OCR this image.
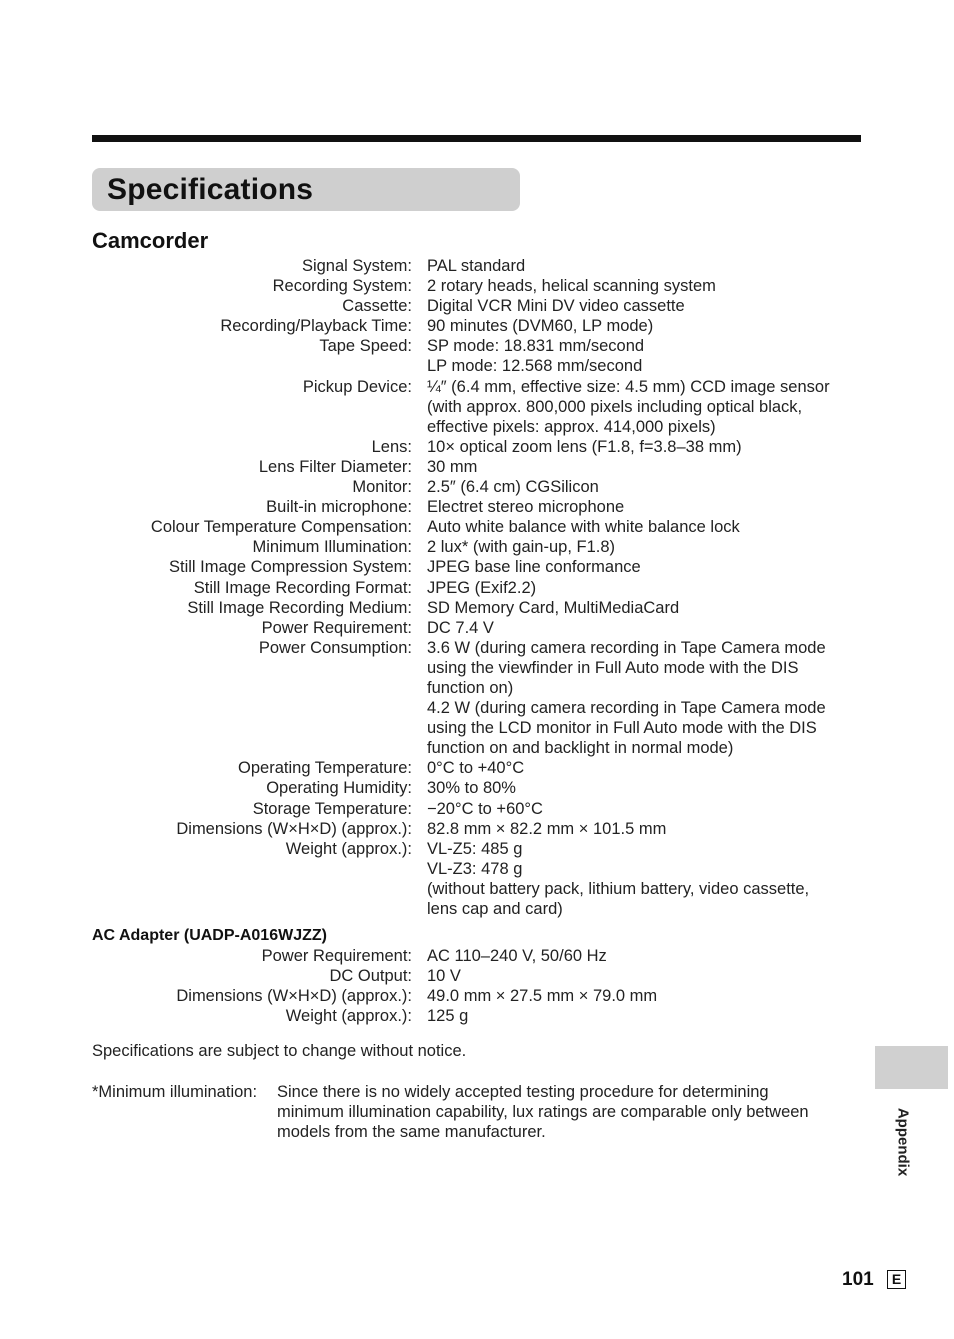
Specifications
Camcorder
Signal System: PAL standard
Recording System: 2 rotary heads, helical scanning system
Cassette: Digital VCR Mini DV video cassette
Recording/Playback Time: 90 minutes (DVM60, LP mode)
Tape Speed: SP mode: 18.831 mm/second
LP mode: 12.568 mm/second
Pickup Device: ¼″ (6.4 mm, effective size: 4.5 mm) CCD image sensor
(with approx. 800,000 pixels including optical black,
effective pixels: approx. 414,000 pixels)
Lens: 10× optical zoom lens (F1.8, f=3.8–38 mm)
Lens Filter Diameter: 30 mm
Monitor: 2.5″ (6.4 cm) CGSilicon
Built-in microphone: Electret stereo microphone
Colour Temperature Compensation: Auto white balance with white balance lock
Minimum Illumination: 2 lux* (with gain-up, F1.8)
Still Image Compression System: JPEG base line conformance
Still Image Recording Format: JPEG (Exif2.2)
Still Image Recording Medium: SD Memory Card, MultiMediaCard
Power Requirement: DC 7.4 V
Power Consumption: 3.6 W (during camera recording in Tape Camera mode
using the viewfinder in Full Auto mode with the DIS
function on)
4.2 W (during camera recording in Tape Camera mode
using the LCD monitor in Full Auto mode with the DIS
function on and backlight in normal mode)
Operating Temperature: 0°C to +40°C
Operating Humidity: 30% to 80%
Storage Temperature: −20°C to +60°C
Dimensions (W×H×D) (approx.): 82.8 mm × 82.2 mm × 101.5 mm
Weight (approx.): VL-Z5: 485 g
VL-Z3: 478 g
(without battery pack, lithium battery, video cassette,
lens cap and card)
AC Adapter (UADP-A016WJZZ)
Power Requirement: AC 110–240 V, 50/60 Hz
DC Output: 10 V
Dimensions (W×H×D) (approx.): 49.0 mm × 27.5 mm × 79.0 mm
Weight (approx.): 125 g
Specifications are subject to change without notice.
*Minimum illumination: Since there is no widely accepted testing procedure for determining
minimum illumination capability, lux ratings are comparable only between
models from the same manufacturer.	Appendix
101	E
